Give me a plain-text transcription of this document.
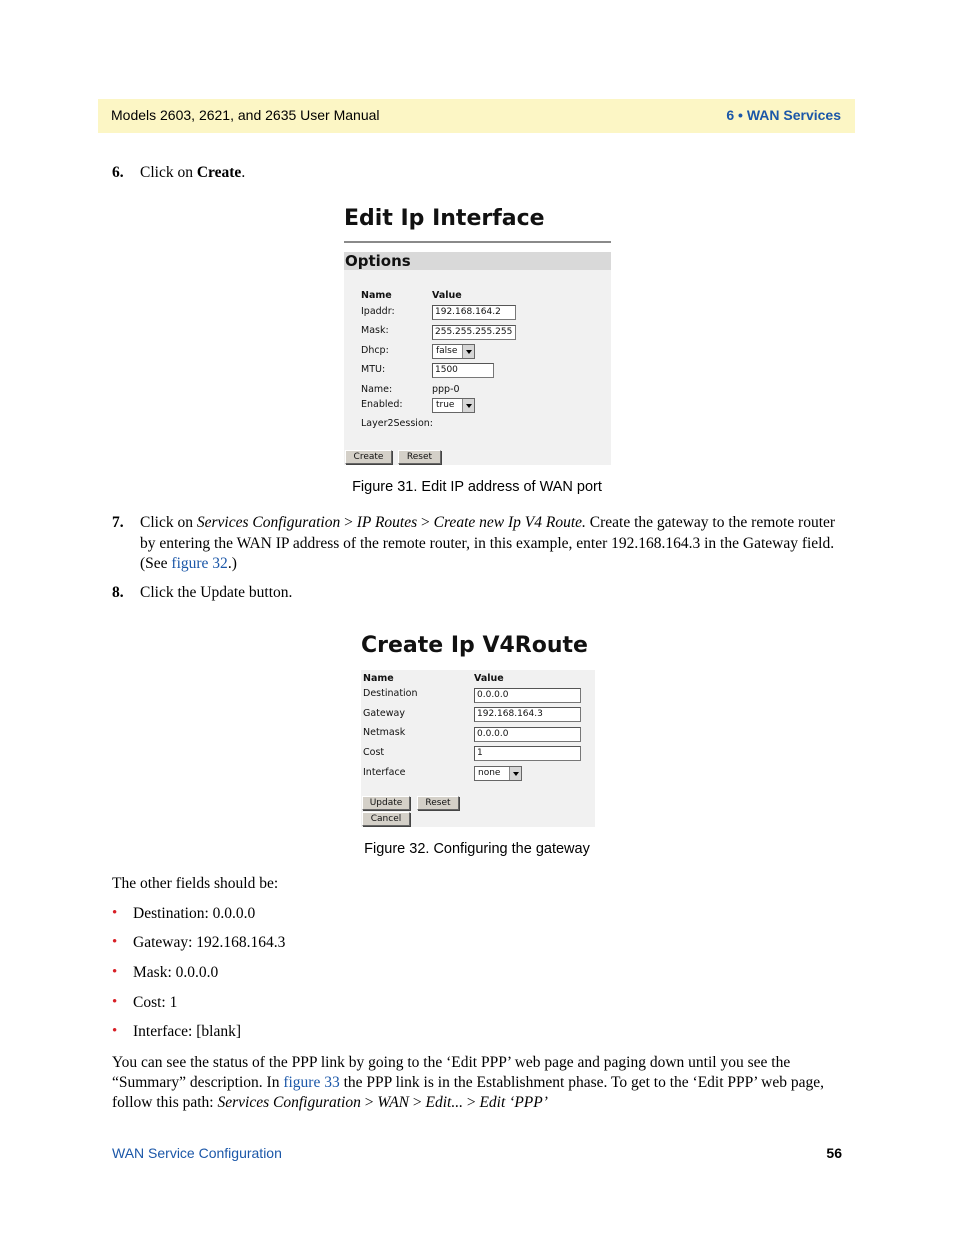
Models 2603, 2621, and 2635 User Manual	6 • WAN Services
6. Click on Create.
Edit Ip Interface
Options
Name	Value
Ipaddr:	192.168.164.2
Mask:	255.255.255.255
Dhcp:	false
MTU:	1500
Name:	ppp-0
Enabled:	true
Layer2Session:
Create	Reset
Figure 31. Edit IP address of WAN port
7. Click on Services Configuration > IP Routes > Create new Ip V4 Route. Create the gateway to the remote router by entering the WAN IP address of the remote router, in this example, enter 192.168.164.3 in the Gateway field. (See figure 32.)
8. Click the Update button.
Create Ip V4Route
Name	Value
Destination	0.0.0.0
Gateway	192.168.164.3
Netmask	0.0.0.0
Cost	1
Interface	none
Update	Reset
Cancel
Figure 32. Configuring the gateway
The other fields should be:
• Destination: 0.0.0.0
• Gateway: 192.168.164.3
• Mask: 0.0.0.0
• Cost: 1
• Interface: [blank]
You can see the status of the PPP link by going to the ‘Edit PPP’ web page and paging down until you see the “Summary” description. In figure 33 the PPP link is in the Establishment phase. To get to the ‘Edit PPP’ web page, follow this path: Services Configuration > WAN > Edit... > Edit ‘PPP’
WAN Service Configuration	56
